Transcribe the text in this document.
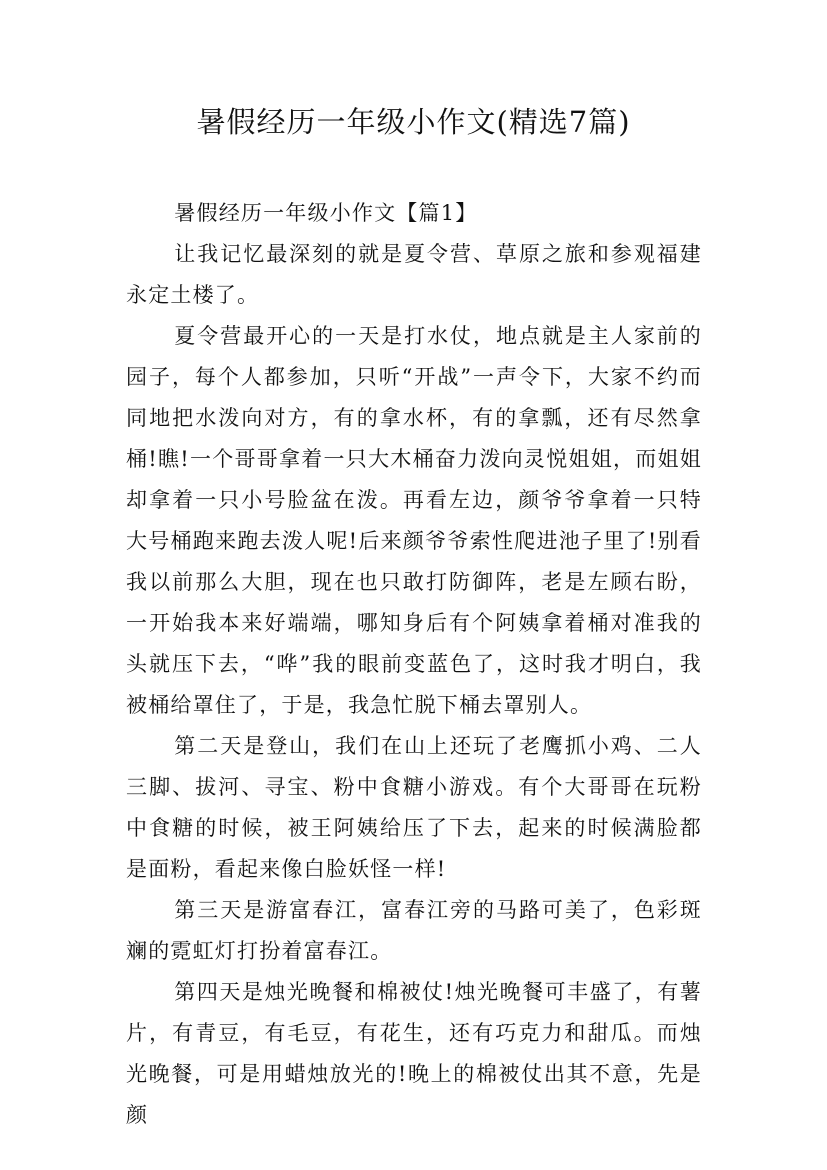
暑假经历一年级小作文(精选7篇)

暑假经历一年级小作文【篇1】

让我记忆最深刻的就是夏令营、草原之旅和参观福建永定土楼了。

夏令营最开心的一天是打水仗，地点就是主人家前的园子，每个人都参加，只听“开战”一声令下，大家不约而同地把水泼向对方，有的拿水杯，有的拿瓢，还有尽然拿桶!瞧!一个哥哥拿着一只大木桶奋力泼向灵悦姐姐，而姐姐却拿着一只小号脸盆在泼。再看左边，颜爷爷拿着一只特大号桶跑来跑去泼人呢!后来颜爷爷索性爬进池子里了!别看我以前那么大胆，现在也只敢打防御阵，老是左顾右盼，一开始我本来好端端，哪知身后有个阿姨拿着桶对准我的头就压下去，“哗”我的眼前变蓝色了，这时我才明白，我被桶给罩住了，于是，我急忙脱下桶去罩别人。

第二天是登山，我们在山上还玩了老鹰抓小鸡、二人三脚、拔河、寻宝、粉中食糖小游戏。有个大哥哥在玩粉中食糖的时候，被王阿姨给压了下去，起来的时候满脸都是面粉，看起来像白脸妖怪一样!

第三天是游富春江，富春江旁的马路可美了，色彩斑斓的霓虹灯打扮着富春江。

第四天是烛光晚餐和棉被仗!烛光晚餐可丰盛了，有薯片，有青豆，有毛豆，有花生，还有巧克力和甜瓜。而烛光晚餐，可是用蜡烛放光的!晚上的棉被仗出其不意，先是颜
